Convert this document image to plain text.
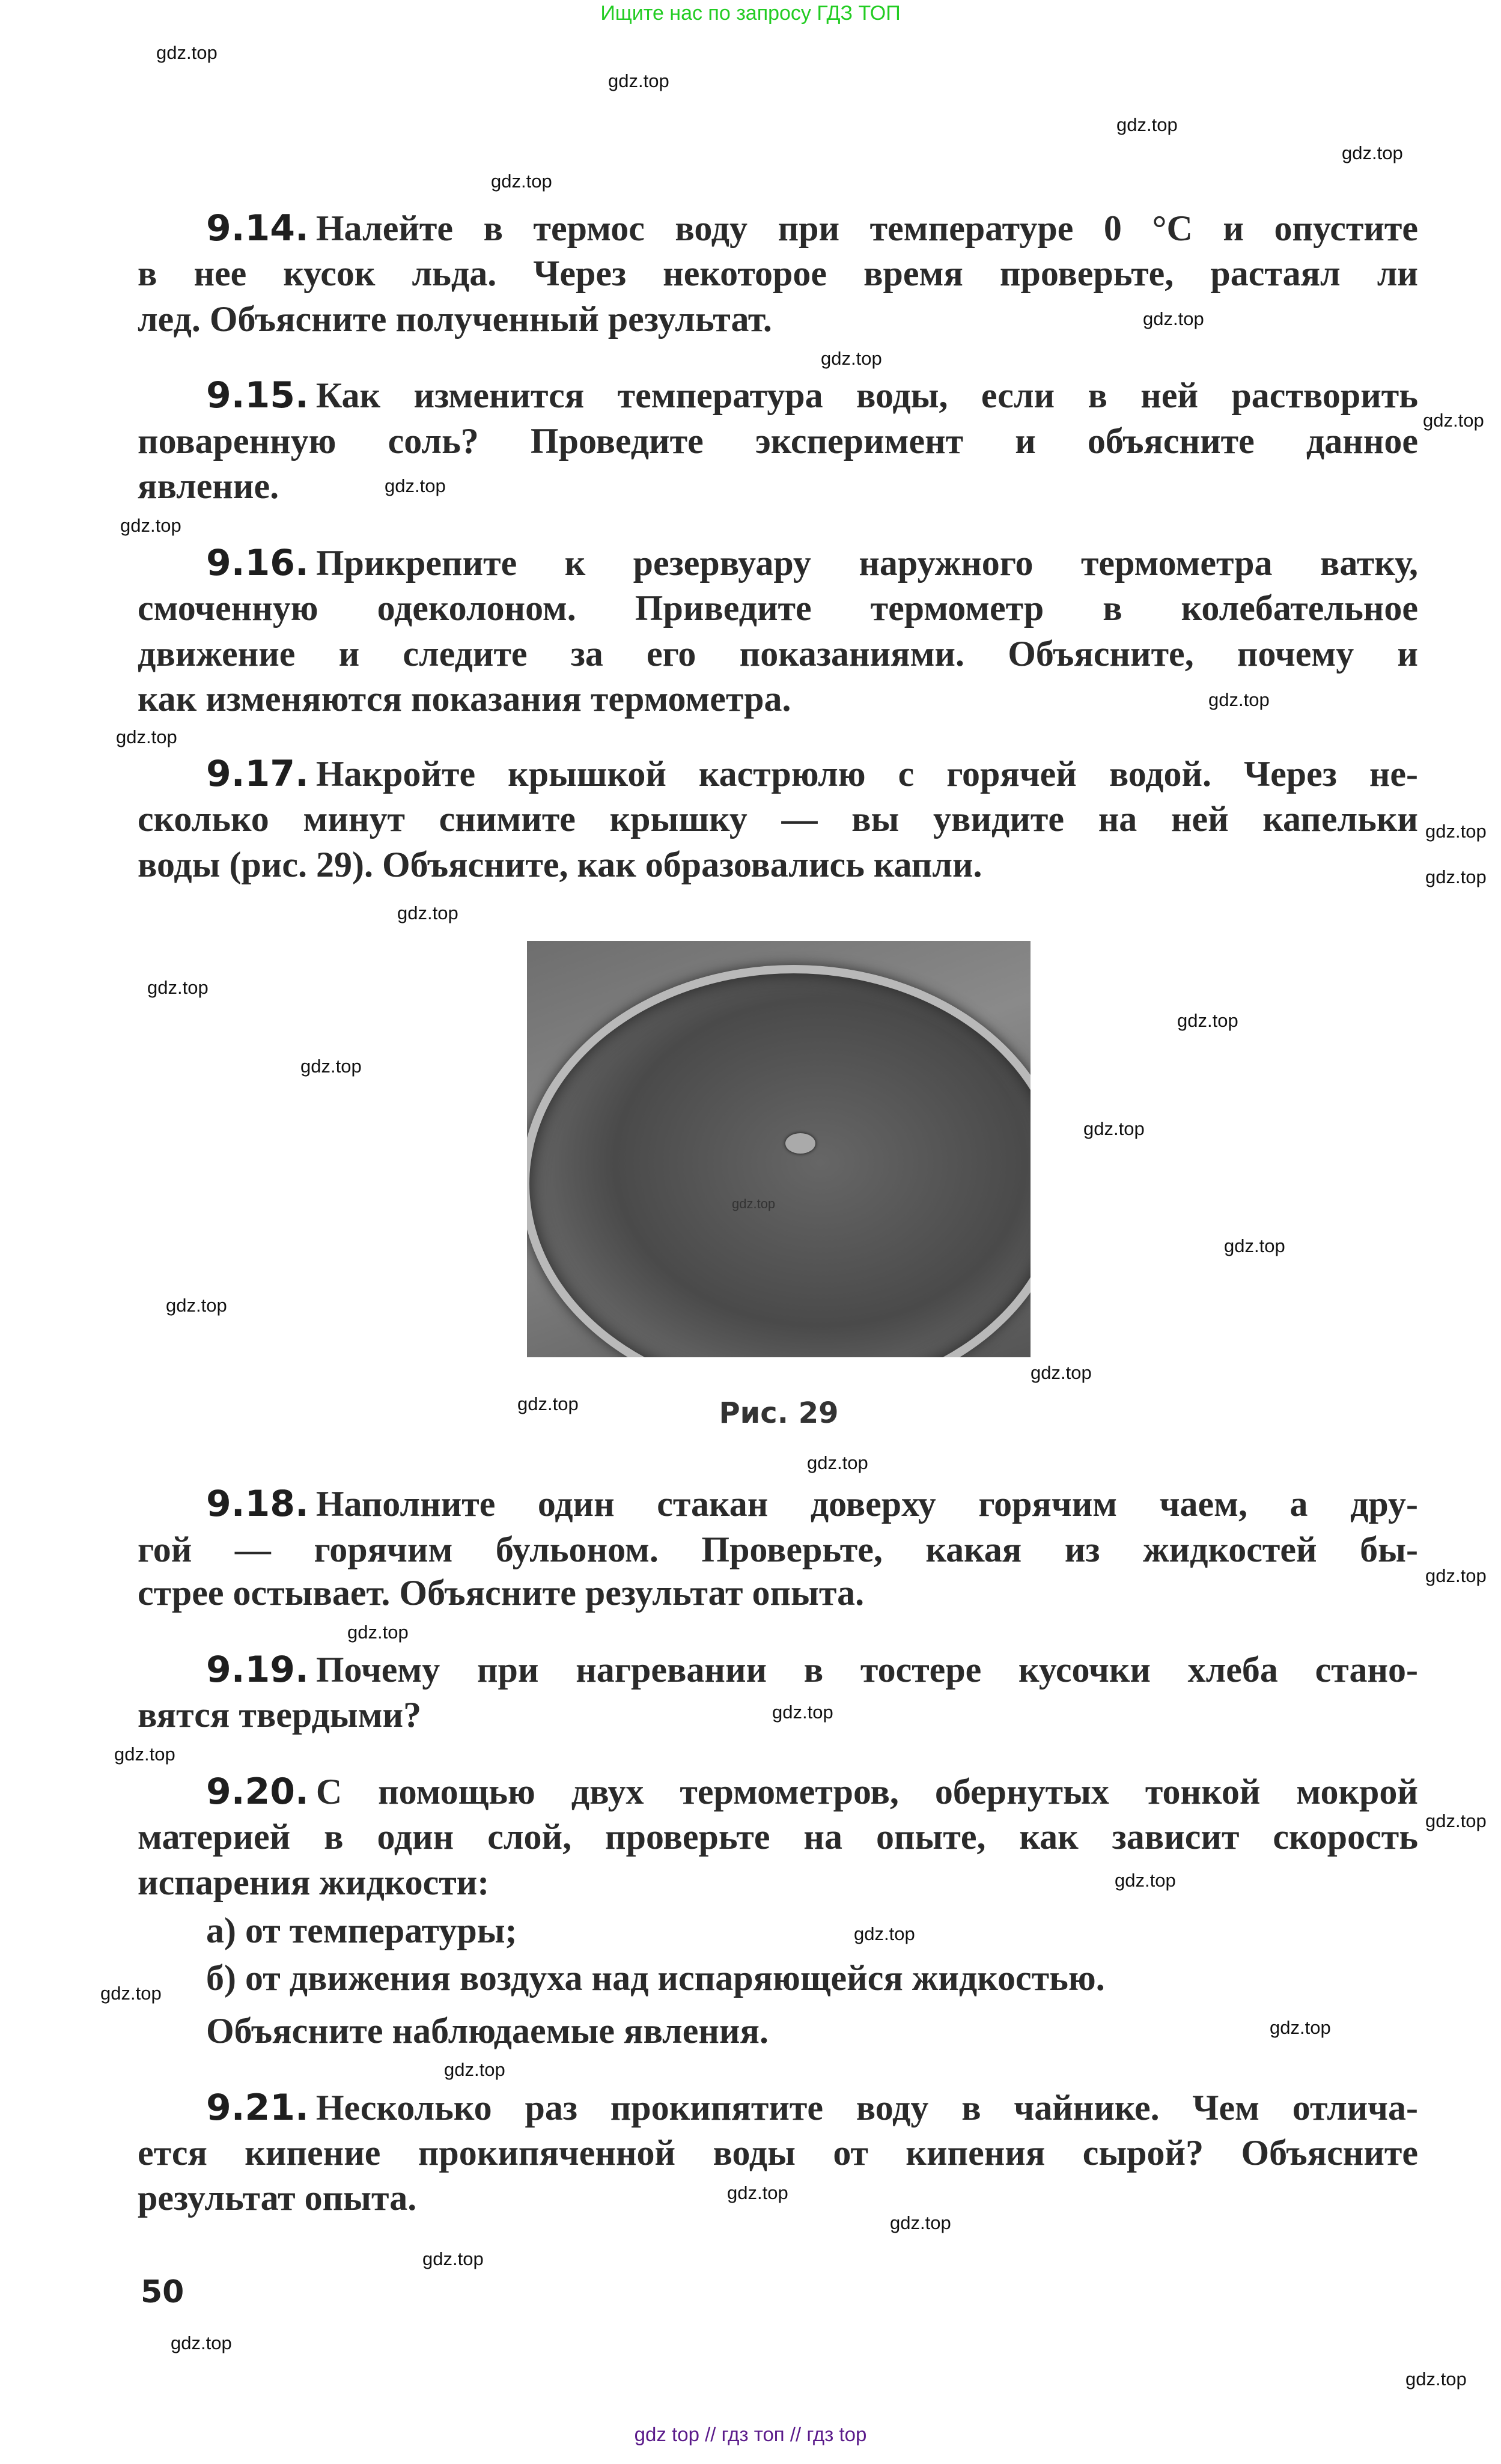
Ищите нас по запросу ГДЗ ТОП
9.14. Налейте в термос воду при температуре 0 °С и опустите
в нее кусок льда. Через некоторое время проверьте, растаял ли
лед. Объясните полученный результат.
9.15. Как изменится температура воды, если в ней растворить
поваренную соль? Проведите эксперимент и объясните данное
явление.
9.16. Прикрепите к резервуару наружного термометра ватку,
смоченную одеколоном. Приведите термометр в колебательное
движение и следите за его показаниями. Объясните, почему и
как изменяются показания термометра.
9.17. Накройте крышкой кастрюлю с горячей водой. Через не-
сколько минут снимите крышку — вы увидите на ней капельки
воды (рис. 29). Объясните, как образовались капли.
Рис. 29
9.18. Наполните один стакан доверху горячим чаем, а дру-
гой — горячим бульоном. Проверьте, какая из жидкостей бы-
стрее остывает. Объясните результат опыта.
9.19. Почему при нагревании в тостере кусочки хлеба стано-
вятся твердыми?
9.20. С помощью двух термометров, обернутых тонкой мокрой
материей в один слой, проверьте на опыте, как зависит скорость
испарения жидкости:
а) от температуры;
б) от движения воздуха над испаряющейся жидкостью.
Объясните наблюдаемые явления.
9.21. Несколько раз прокипятите воду в чайнике. Чем отлича-
ется кипение прокипяченной воды от кипения сырой? Объясните
результат опыта.
50
gdz.top
gdz.top
gdz.top
gdz.top
gdz.top
gdz.top
gdz.top
gdz.top
gdz.top
gdz.top
gdz.top
gdz.top
gdz.top
gdz.top
gdz.top
gdz.top
gdz.top
gdz.top
gdz.top
gdz.top
gdz.top
gdz.top
gdz.top
gdz.top
gdz.top
gdz.top
gdz.top
gdz.top
gdz.top
gdz.top
gdz.top
gdz.top
gdz.top
gdz.top
gdz.top
gdz.top
gdz.top
gdz.top
gdz.top
gdz.top
gdz top // гдз топ // гдз top
